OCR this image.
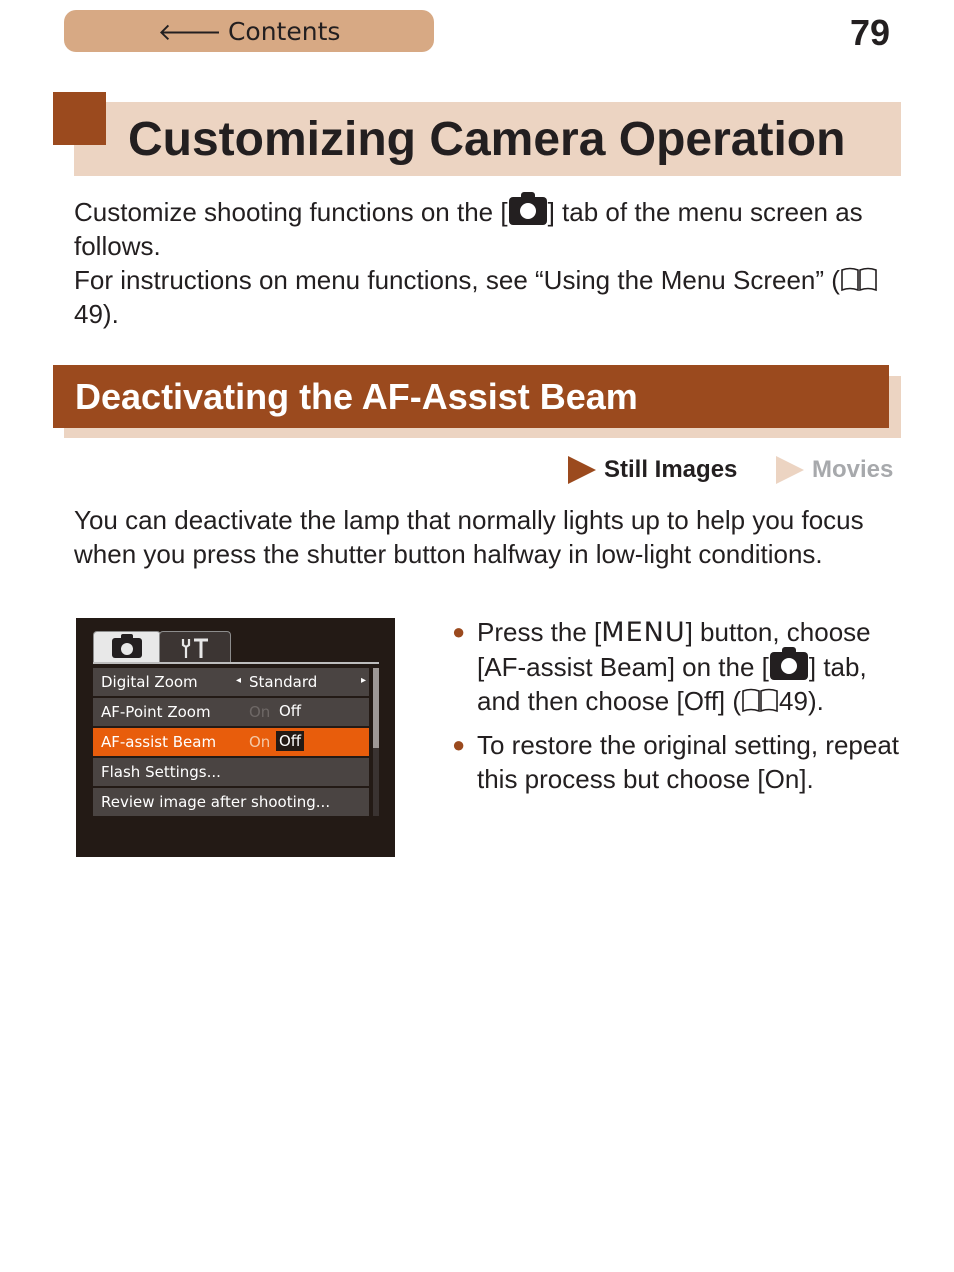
🡐 Contents	79
Customizing Camera Operation
Customize shooting functions on the [ ] tab of the menu screen as follows.
For instructions on menu functions, see “Using the Menu Screen” (49).
Deactivating the AF-Assist Beam
Still Images	Movies
You can deactivate the lamp that normally lights up to help you focus when you press the shutter button halfway in low-light conditions.
Digital Zoom	◂ Standard	▸
AF-Point Zoom	On Off
AF-assist Beam On Off
Flash Settings...
Review image after shooting...
● Press the [MENU] button, choose [AF-assist Beam] on the [ ] tab, and then choose [Off] ( 49).
● To restore the original setting, repeat this process but choose [On].
